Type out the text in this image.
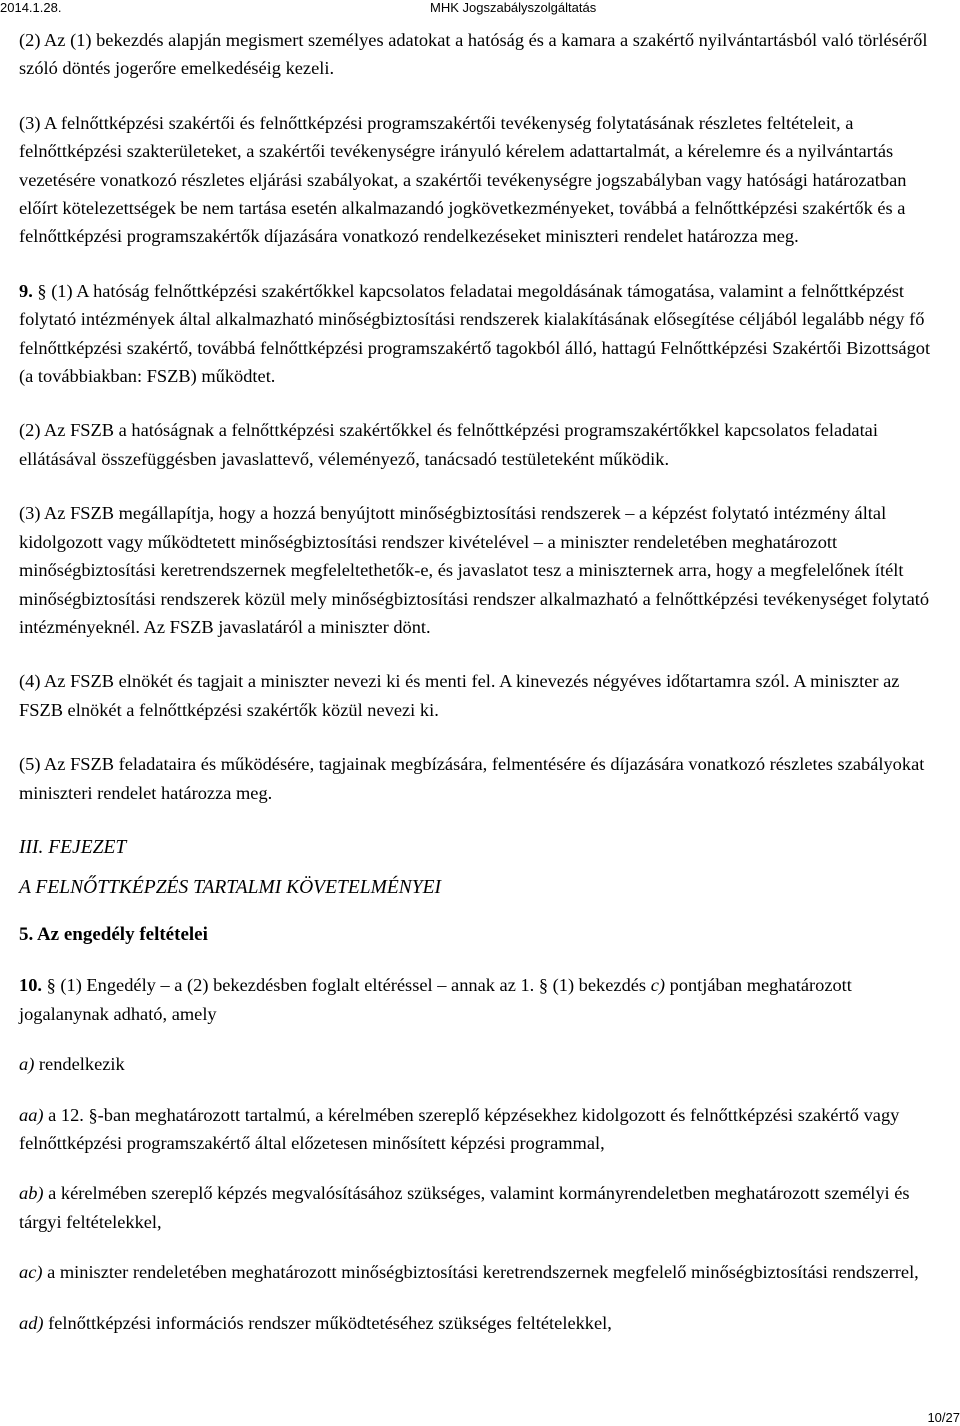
2014.1.28.	MHK Jogszabályszolgáltatás

(2) Az (1) bekezdés alapján megismert személyes adatokat a hatóság és a kamara a szakértő nyilvántartásból való törléséről szóló döntés jogerőre emelkedéséig kezeli.

(3) A felnőttképzési szakértői és felnőttképzési programszakértői tevékenység folytatásának részletes feltételeit, a felnőttképzési szakterületeket, a szakértői tevékenységre irányuló kérelem adattartalmát, a kérelemre és a nyilvántartás vezetésére vonatkozó részletes eljárási szabályokat, a szakértői tevékenységre jogszabályban vagy hatósági határozatban előírt kötelezettségek be nem tartása esetén alkalmazandó jogkövetkezményeket, továbbá a felnőttképzési szakértők és a felnőttképzési programszakértők díjazására vonatkozó rendelkezéseket miniszteri rendelet határozza meg.

9. § (1) A hatóság felnőttképzési szakértőkkel kapcsolatos feladatai megoldásának támogatása, valamint a felnőttképzést folytató intézmények által alkalmazható minőségbiztosítási rendszerek kialakításának elősegítése céljából legalább négy fő felnőttképzési szakértő, továbbá felnőttképzési programszakértő tagokból álló, hattagú Felnőttképzési Szakértői Bizottságot (a továbbiakban: FSZB) működtet.

(2) Az FSZB a hatóságnak a felnőttképzési szakértőkkel és felnőttképzési programszakértőkkel kapcsolatos feladatai ellátásával összefüggésben javaslattevő, véleményező, tanácsadó testületeként működik.

(3) Az FSZB megállapítja, hogy a hozzá benyújtott minőségbiztosítási rendszerek – a képzést folytató intézmény által kidolgozott vagy működtetett minőségbiztosítási rendszer kivételével – a miniszter rendeletében meghatározott minőségbiztosítási keretrendszernek megfeleltethetők-e, és javaslatot tesz a miniszternek arra, hogy a megfelelőnek ítélt minőségbiztosítási rendszerek közül mely minőségbiztosítási rendszer alkalmazható a felnőttképzési tevékenységet folytató intézményeknél. Az FSZB javaslatáról a miniszter dönt.

(4) Az FSZB elnökét és tagjait a miniszter nevezi ki és menti fel. A kinevezés négyéves időtartamra szól. A miniszter az FSZB elnökét a felnőttképzési szakértők közül nevezi ki.

(5) Az FSZB feladataira és működésére, tagjainak megbízására, felmentésére és díjazására vonatkozó részletes szabályokat miniszteri rendelet határozza meg.

III. FEJEZET
A FELNŐTTKÉPZÉS TARTALMI KÖVETELMÉNYEI

5. Az engedély feltételei

10. § (1) Engedély – a (2) bekezdésben foglalt eltéréssel – annak az 1. § (1) bekezdés c) pontjában meghatározott jogalanynak adható, amely

a) rendelkezik

aa) a 12. §-ban meghatározott tartalmú, a kérelmében szereplő képzésekhez kidolgozott és felnőttképzési szakértő vagy felnőttképzési programszakértő által előzetesen minősített képzési programmal,

ab) a kérelmében szereplő képzés megvalósításához szükséges, valamint kormányrendeletben meghatározott személyi és tárgyi feltételekkel,

ac) a miniszter rendeletében meghatározott minőségbiztosítási keretrendszernek megfelelő minőségbiztosítási rendszerrel,

ad) felnőttképzési információs rendszer működtetéséhez szükséges feltételekkel,

10/27
